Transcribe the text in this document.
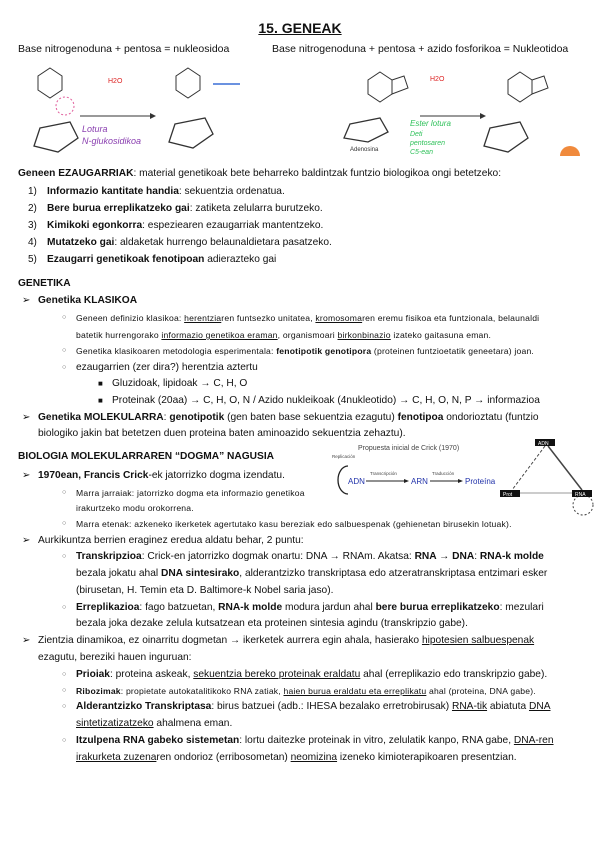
15. GENEAK
Base nitrogenoduna + pentosa = nukleosidoa	Base nitrogenoduna + pentosa + azido fosforikoa = Nukleotidoa
H2O	H2O
Lotura
N-glukosidikoa
Ester lotura
Deti
pentosaren
C5-ean
Adenosina
Propuesta inicial de Crick (1970)
Replicación
ADN
Transcripción
ARN
Traducción
Proteína
ADN
Prot	RNA
Geneen EZAUGARRIAK: material genetikoak bete beharreko baldintzak funtzio biologikoa ongi betetzeko:
1) Informazio kantitate handia: sekuentzia ordenatua.
2) Bere burua erreplikatzeko gai: zatiketa zelularra burutzeko.
3) Kimikoki egonkorra: espeziearen ezaugarriak mantentzeko.
4) Mutatzeko gai: aldaketak hurrengo belaunaldietara pasatzeko.
5) Ezaugarri genetikoak fenotipoan adierazteko gai
GENETIKA
➢ Genetika KLASIKOA
○ Geneen definizio klasikoa: herentziaren funtsezko unitatea, kromosomaren eremu fisikoa eta funtzionala, belaunaldi
batetik hurrengorako informazio genetikoa eraman, organismoari birkonbinazio izateko gaitasuna eman.
○ Genetika klasikoaren metodologia esperimentala: fenotipotik genotipora (proteinen funtzioetatik geneetara) joan.
○ ezaugarrien (zer dira?) herentzia aztertu
■ Gluzidoak, lipidoak → C, H, O
■ Proteinak (20aa) → C, H, O, N / Azido nukleikoak (4nukleotido) → C, H, O, N, P → informazioa
➢ Genetika MOLEKULARRA: genotipotik (gen baten base sekuentzia ezagutu) fenotipoa ondorioztatu (funtzio
biologiko jakin bat betetzen duen proteina baten aminoazido sekuentzia zehaztu).
BIOLOGIA MOLEKULARRAREN “DOGMA” NAGUSIA
➢ 1970ean, Francis Crick-ek jatorrizko dogma izendatu.
○ Marra jarraiak: jatorrizko dogma eta informazio genetikoa
irakurtzeko modu orokorrena.
○ Marra etenak: azkeneko ikerketek agertutako kasu bereziak edo salbuespenak (gehienetan birusekin lotuak).
➢ Aurkikuntza berrien eraginez eredua aldatu behar, 2 puntu:
○ Transkripzioa: Crick-en jatorrizko dogmak onartu: DNA → RNAm. Akatsa: RNA → DNA: RNA-k molde
bezala jokatu ahal DNA sintesirako, alderantzizko transkriptasa edo atzeratranskriptasa entzimari esker
(birusetan, H. Temin eta D. Baltimore-k Nobel saria jaso).
○ Erreplikazioa: fago batzuetan, RNA-k molde modura jardun ahal bere burua erreplikatzeko: mezulari
bezala joka dezake zelula kutsatzean eta proteinen sintesia agindu (transkripzio gabe).
➢ Zientzia dinamikoa, ez oinarritu dogmetan → ikerketek aurrera egin ahala, hasierako hipotesien salbuespenak
ezagutu, bereziki hauen inguruan:
○ Prioiak: proteina askeak, sekuentzia bereko proteinak eraldatu ahal (erreplikazio edo transkripzio gabe).
○ Ribozimak: propietate autokatalitikoko RNA zatiak, haien burua eraldatu eta erreplikatu ahal (proteina, DNA gabe).
○ Alderantzizko Transkriptasa: birus batzuei (adb.: IHESA bezalako erretrobirusak) RNA-tik abiatuta DNA
sintetizatizatzeko ahalmena eman.
○ Itzulpena RNA gabeko sistemetan: lortu daitezke proteinak in vitro, zelulatik kanpo, RNA gabe, DNA-ren
irakurketa zuzenaren ondorioz (erribosometan) neomizina izeneko kimioterapikoaren presentzian.
